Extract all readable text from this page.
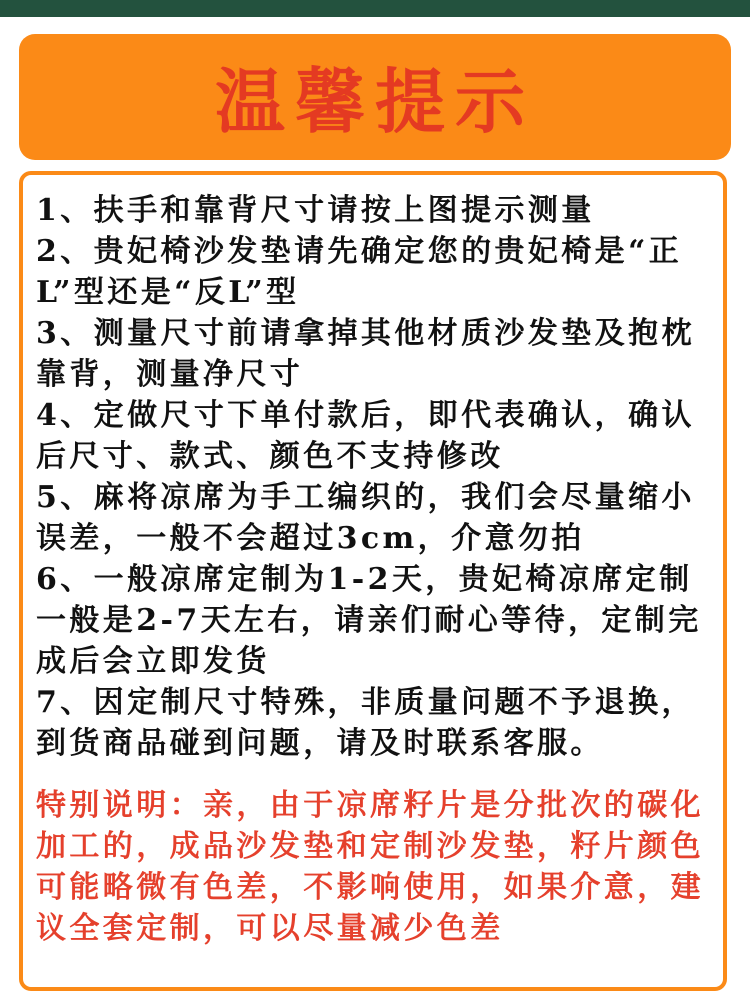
温馨提示

1、扶手和靠背尺寸请按上图提示测量

2、贵妃椅沙发垫请先确定您的贵妃椅是“正L”型还是“反L”型

3、测量尺寸前请拿掉其他材质沙发垫及抱枕靠背，测量净尺寸

4、定做尺寸下单付款后，即代表确认，确认后尺寸、款式、颜色不支持修改

5、麻将凉席为手工编织的，我们会尽量缩小误差，一般不会超过3cm，介意勿拍

6、一般凉席定制为1-2天，贵妃椅凉席定制一般是2-7天左右，请亲们耐心等待，定制完成后会立即发货

7、因定制尺寸特殊，非质量问题不予退换，到货商品碰到问题，请及时联系客服。

特别说明：亲，由于凉席籽片是分批次的碳化加工的，成品沙发垫和定制沙发垫，籽片颜色可能略微有色差，不影响使用，如果介意，建议全套定制，可以尽量减少色差
